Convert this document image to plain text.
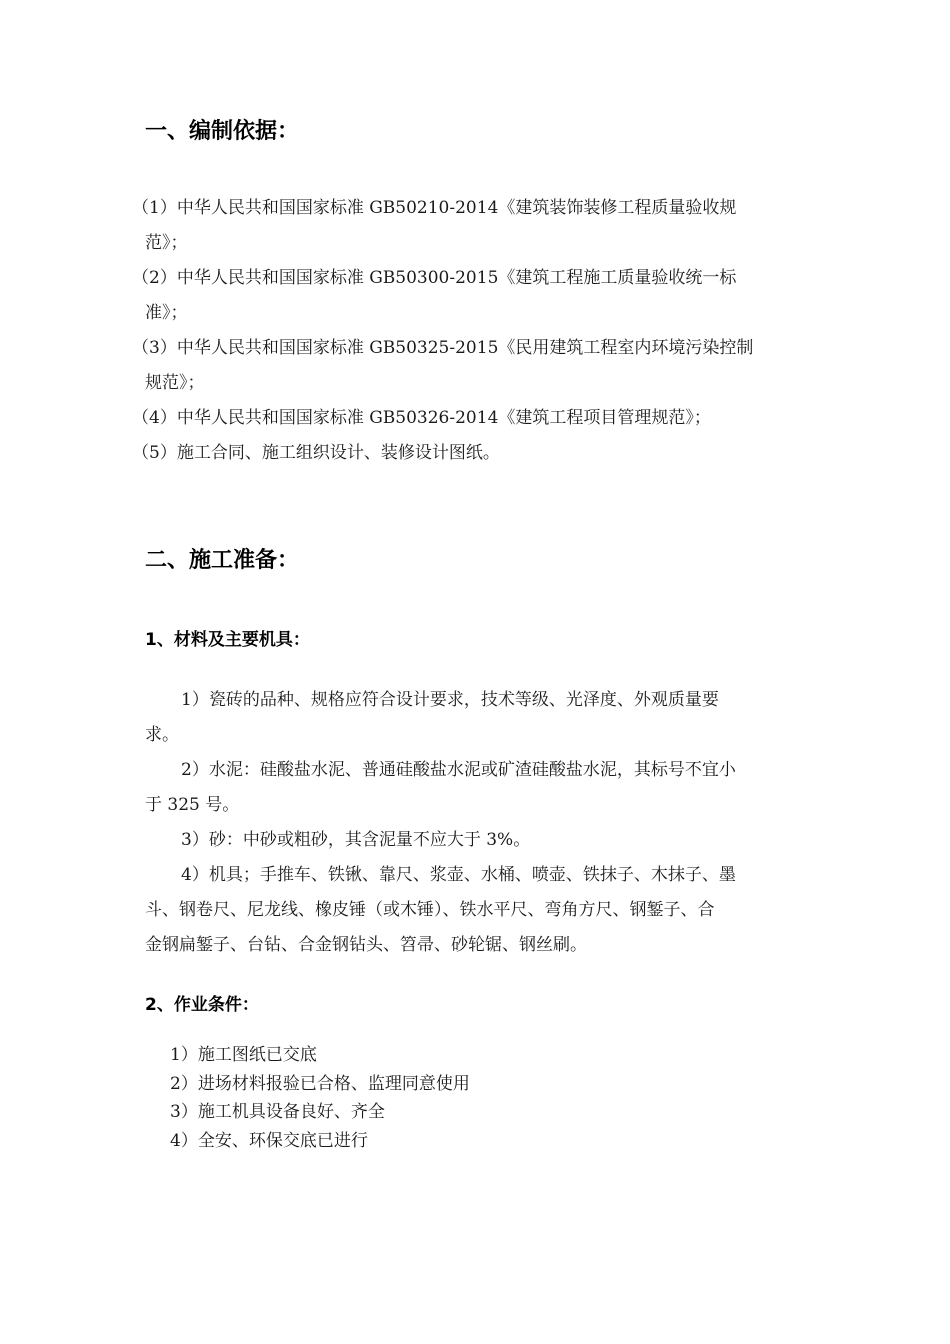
一、编制依据：
（1）中华人民共和国国家标准 GB50210-2014《建筑装饰装修工程质量验收规
范》；
（2）中华人民共和国国家标准 GB50300-2015《建筑工程施工质量验收统一标
准》；
（3）中华人民共和国国家标准 GB50325-2015《民用建筑工程室内环境污染控制
规范》；
（4）中华人民共和国国家标准 GB50326-2014《建筑工程项目管理规范》；
（5）施工合同、施工组织设计、装修设计图纸。
二、施工准备：
1、材料及主要机具：
1）瓷砖的品种、规格应符合设计要求，技术等级、光泽度、外观质量要
求。
2）水泥：硅酸盐水泥、普通硅酸盐水泥或矿渣硅酸盐水泥，其标号不宜小
于 325 号。
3）砂：中砂或粗砂，其含泥量不应大于 3%。
4）机具；手推车、铁锹、靠尺、浆壶、水桶、喷壶、铁抹子、木抹子、墨
斗、钢卷尺、尼龙线、橡皮锤（或木锤）、铁水平尺、弯角方尺、钢錾子、合
金钢扁錾子、台钻、合金钢钻头、笤帚、砂轮锯、钢丝刷。
2、作业条件：
1）施工图纸已交底
2）进场材料报验已合格、监理同意使用
3）施工机具设备良好、齐全
4）全安、环保交底已进行
